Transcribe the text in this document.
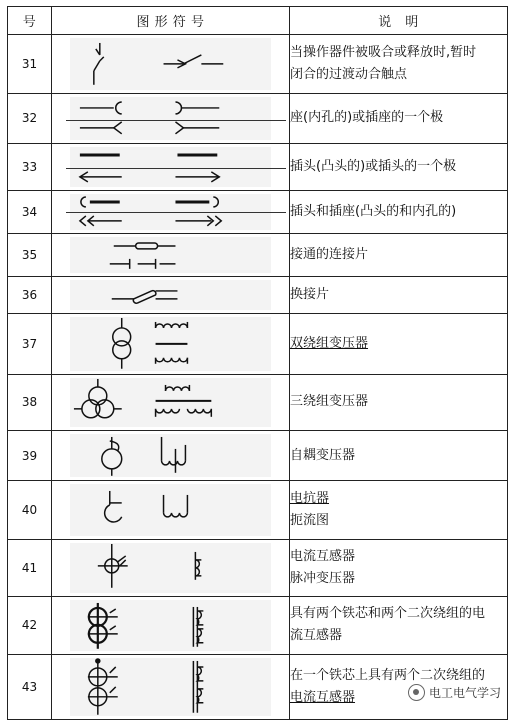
号	图 形 符 号	说　明
31		当操作器件被吸合或释放时,暂时
闭合的过渡动合触点

32		座(内孔的)或插座的一个极

33		插头(凸头的)或插头的一个极

34		插头和插座(凸头的和内孔的)

35		接通的连接片

36		换接片

37		双绕组变压器

38		三绕组变压器

39		自耦变压器

40		电抗器
扼流图

41		电流互感器
脉冲变压器

42		具有两个铁芯和两个二次绕组的电
流互感器

43		在一个铁芯上具有两个二次绕组的
电流互感器	电工电气学习
